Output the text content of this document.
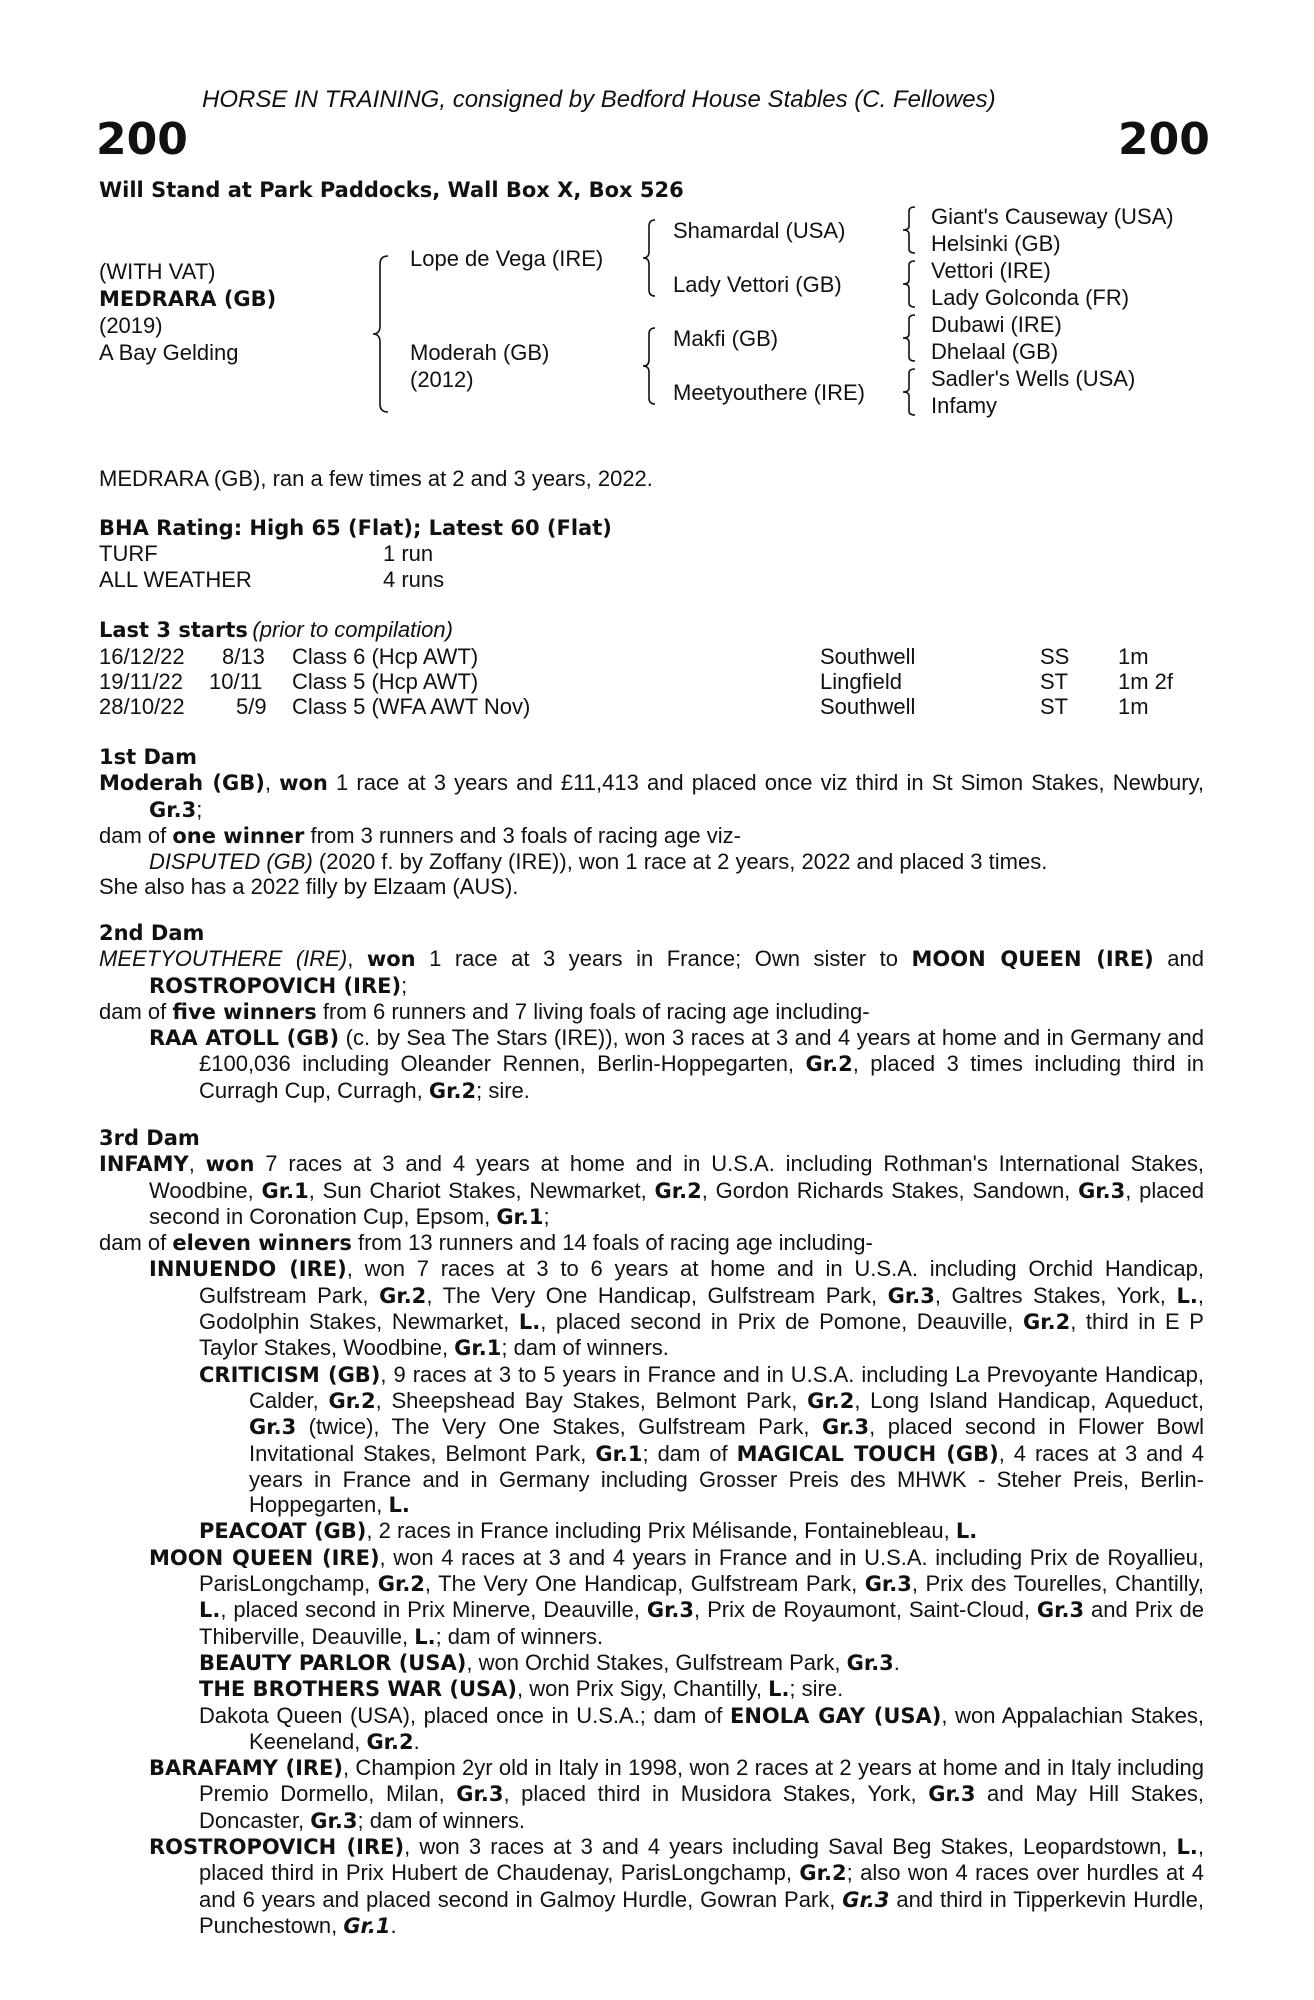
HORSE IN TRAINING, consigned by Bedford House Stables (C. Fellowes)
200	200
Will Stand at Park Paddocks, Wall Box X, Box 526
(WITH VAT)
MEDRARA (GB)
(2019)
A Bay Gelding
Lope de Vega (IRE)
Moderah (GB)
(2012)
Shamardal (USA)
Lady Vettori (GB)
Makfi (GB)
Meetyouthere (IRE)
Giant's Causeway (USA)
Helsinki (GB)
Vettori (IRE)
Lady Golconda (FR)
Dubawi (IRE)
Dhelaal (GB)
Sadler's Wells (USA)
Infamy
MEDRARA (GB), ran a few times at 2 and 3 years, 2022.
BHA Rating: High 65 (Flat); Latest 60 (Flat)
TURF	1 run
ALL WEATHER	4 runs
Last 3 starts (prior to compilation)
16/12/22 8/13 Class 6 (Hcp AWT)	Southwell	SS 1m
19/11/22 10/11 Class 5 (Hcp AWT)	Lingfield	ST 1m 2f
28/10/22 5/9 Class 5 (WFA AWT Nov)	Southwell	ST 1m

1st Dam

Moderah (GB), won 1 race at 3 years and £11,413 and placed once viz third in St Simon Stakes, Newbury, Gr.3;

dam of one winner from 3 runners and 3 foals of racing age viz-

DISPUTED (GB) (2020 f. by Zoffany (IRE)), won 1 race at 2 years, 2022 and placed 3 times.

She also has a 2022 filly by Elzaam (AUS).

2nd Dam

MEETYOUTHERE (IRE), won 1 race at 3 years in France; Own sister to MOON QUEEN (IRE) and ROSTROPOVICH (IRE);

dam of five winners from 6 runners and 7 living foals of racing age including-

RAA ATOLL (GB) (c. by Sea The Stars (IRE)), won 3 races at 3 and 4 years at home and in Germany and £100,036 including Oleander Rennen, Berlin-Hoppegarten, Gr.2, placed 3 times including third in Curragh Cup, Curragh, Gr.2; sire.

3rd Dam

INFAMY, won 7 races at 3 and 4 years at home and in U.S.A. including Rothman's International Stakes, Woodbine, Gr.1, Sun Chariot Stakes, Newmarket, Gr.2, Gordon Richards Stakes, Sandown, Gr.3, placed second in Coronation Cup, Epsom, Gr.1;

dam of eleven winners from 13 runners and 14 foals of racing age including-

INNUENDO (IRE), won 7 races at 3 to 6 years at home and in U.S.A. including Orchid Handicap, Gulfstream Park, Gr.2, The Very One Handicap, Gulfstream Park, Gr.3, Galtres Stakes, York, L., Godolphin Stakes, Newmarket, L., placed second in Prix de Pomone, Deauville, Gr.2, third in E P Taylor Stakes, Woodbine, Gr.1; dam of winners.

CRITICISM (GB), 9 races at 3 to 5 years in France and in U.S.A. including La Prevoyante Handicap, Calder, Gr.2, Sheepshead Bay Stakes, Belmont Park, Gr.2, Long Island Handicap, Aqueduct, Gr.3 (twice), The Very One Stakes, Gulfstream Park, Gr.3, placed second in Flower Bowl Invitational Stakes, Belmont Park, Gr.1; dam of MAGICAL TOUCH (GB), 4 races at 3 and 4 years in France and in Germany including Grosser Preis des MHWK - Steher Preis, Berlin-Hoppegarten, L.

PEACOAT (GB), 2 races in France including Prix Mélisande, Fontainebleau, L.

MOON QUEEN (IRE), won 4 races at 3 and 4 years in France and in U.S.A. including Prix de Royallieu, ParisLongchamp, Gr.2, The Very One Handicap, Gulfstream Park, Gr.3, Prix des Tourelles, Chantilly, L., placed second in Prix Minerve, Deauville, Gr.3, Prix de Royaumont, Saint-Cloud, Gr.3 and Prix de Thiberville, Deauville, L.; dam of winners.

BEAUTY PARLOR (USA), won Orchid Stakes, Gulfstream Park, Gr.3.

THE BROTHERS WAR (USA), won Prix Sigy, Chantilly, L.; sire.

Dakota Queen (USA), placed once in U.S.A.; dam of ENOLA GAY (USA), won Appalachian Stakes, Keeneland, Gr.2.

BARAFAMY (IRE), Champion 2yr old in Italy in 1998, won 2 races at 2 years at home and in Italy including Premio Dormello, Milan, Gr.3, placed third in Musidora Stakes, York, Gr.3 and May Hill Stakes, Doncaster, Gr.3; dam of winners.

ROSTROPOVICH (IRE), won 3 races at 3 and 4 years including Saval Beg Stakes, Leopardstown, L., placed third in Prix Hubert de Chaudenay, ParisLongchamp, Gr.2; also won 4 races over hurdles at 4 and 6 years and placed second in Galmoy Hurdle, Gowran Park, Gr.3 and third in Tipperkevin Hurdle, Punchestown, Gr.1.
